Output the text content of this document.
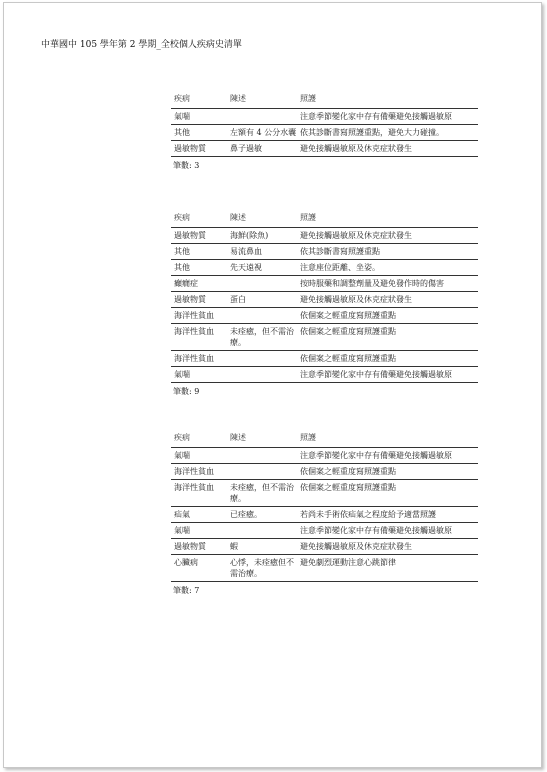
中華國中 105 學年第 2 學期_全校個人疾病史清單
疾病	陳述	照護
氣喘		注意季節變化家中存有備藥避免接觸過敏原
其他	左額有 4 公分水囊	依其診斷書寫照護重點，避免大力碰撞。
過敏物質	鼻子過敏	避免接觸過敏原及休克症狀發生
筆數: 3
疾病	陳述	照護
過敏物質	海鮮(除魚)	避免接觸過敏原及休克症狀發生
其他	易流鼻血	依其診斷書寫照護重點
其他	先天遠視	注意座位距離、坐姿。
癲癇症		按時服藥和調整劑量及避免發作時的傷害
過敏物質	蛋白	避免接觸過敏原及休克症狀發生
海洋性貧血		依個案之輕重度寫照護重點
海洋性貧血	未痊癒，但不需治療。	依個案之輕重度寫照護重點
海洋性貧血		依個案之輕重度寫照護重點
氣喘		注意季節變化家中存有備藥避免接觸過敏原
筆數: 9
疾病	陳述	照護
氣喘		注意季節變化家中存有備藥避免接觸過敏原
海洋性貧血		依個案之輕重度寫照護重點
海洋性貧血	未痊癒，但不需治療。	依個案之輕重度寫照護重點
疝氣	已痊癒。	若尚未手術依疝氣之程度給予適當照護
氣喘		注意季節變化家中存有備藥避免接觸過敏原
過敏物質	蝦	避免接觸過敏原及休克症狀發生
心臟病	心悸，未痊癒但不需治療。	避免劇烈運動注意心跳節律
筆數: 7
